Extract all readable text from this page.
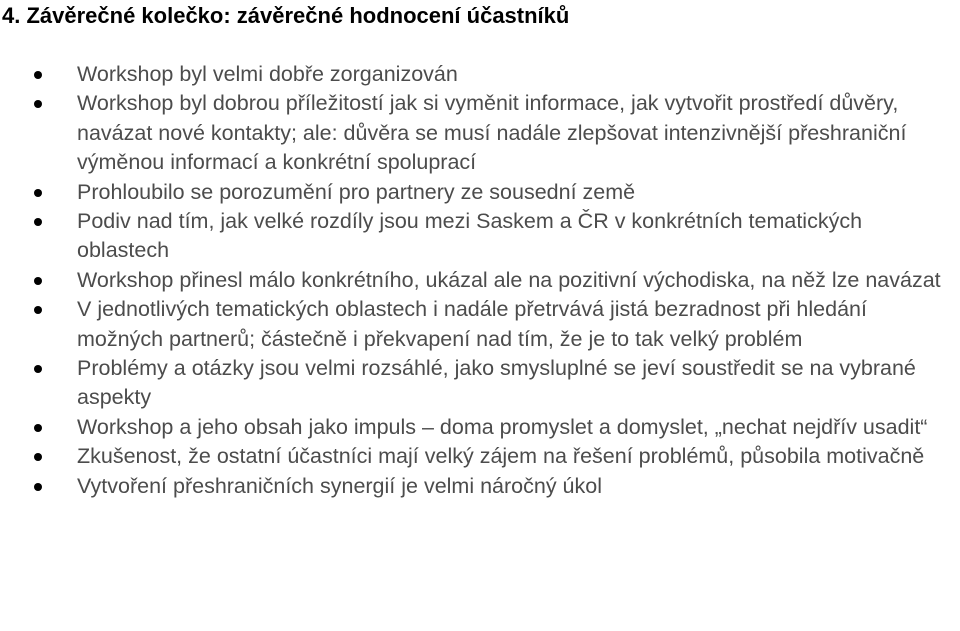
4. Závěrečné kolečko: závěrečné hodnocení účastníků
Workshop byl velmi dobře zorganizován
Workshop byl dobrou příležitostí jak si vyměnit informace, jak vytvořit prostředí důvěry, navázat nové kontakty; ale: důvěra se musí nadále zlepšovat intenzivnější přeshraniční výměnou informací a konkrétní spoluprací
Prohloubilo se porozumění pro partnery ze sousední země
Podiv nad tím, jak velké rozdíly jsou mezi Saskem a ČR v konkrétních tematických oblastech
Workshop přinesl málo konkrétního, ukázal ale na pozitivní východiska, na něž lze navázat
V jednotlivých tematických oblastech i nadále přetrvává jistá bezradnost při hledání možných partnerů; částečně i překvapení nad tím, že je to tak velký problém
Problémy a otázky jsou velmi rozsáhlé, jako smysluplné se jeví soustředit se na vybrané aspekty
Workshop a jeho obsah jako impuls – doma promyslet a domyslet, „nechat nejdřív usadit“
Zkušenost, že ostatní účastníci mají velký zájem na řešení problémů, působila motivačně
Vytvoření přeshraničních synergií je velmi náročný úkol
